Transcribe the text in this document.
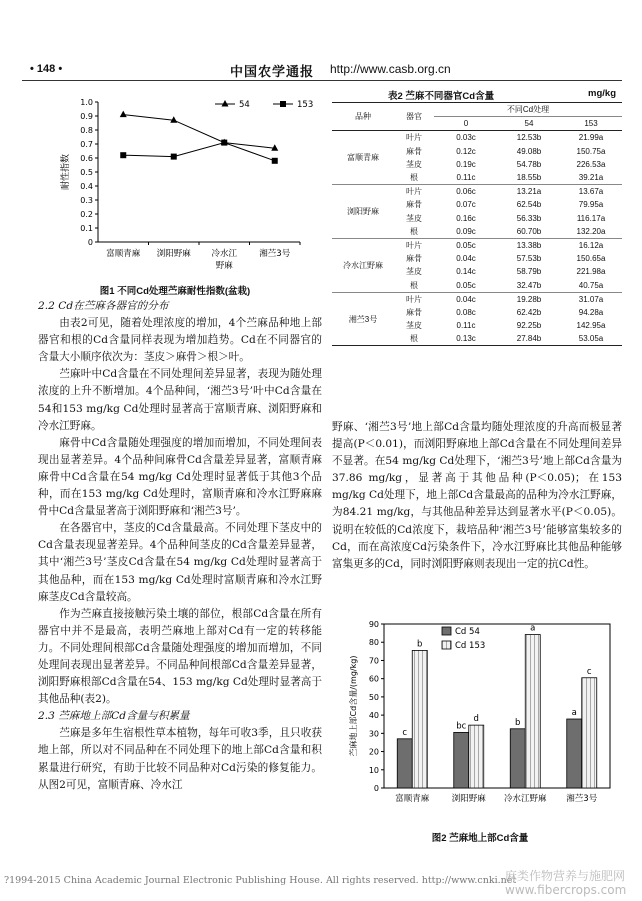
• 148 •	中国农学通报 http://www.casb.org.cn
0
0.1
0.2
0.3
0.4
0.5
0.6
0.7
0.8
0.9
1.0
富顺青麻 浏阳野麻 冷水江
野麻
湘苎3号
耐性指数
54	153
图1 不同Cd处理苎麻耐性指数(盆栽)

2.2 Cd在苎麻各器官的分布

由表2可见，随着处理浓度的增加，4个苎麻品种地上部器官和根的Cd含量同样表现为增加趋势。Cd在不同器官的含量大小顺序依次为：茎皮＞麻骨＞根＞叶。

苎麻叶中Cd含量在不同处理间差异显著，表现为随处理浓度的上升不断增加。4个品种间，‘湘苎3号’叶中Cd含量在54和153 mg/kg Cd处理时显著高于富顺青麻、浏阳野麻和冷水江野麻。

麻骨中Cd含量随处理强度的增加而增加，不同处理间表现出显著差异。4个品种间麻骨Cd含量差异显著，富顺青麻麻骨中Cd含量在54 mg/kg Cd处理时显著低于其他3个品种，而在153 mg/kg Cd处理时，富顺青麻和冷水江野麻麻骨中Cd含量显著高于浏阳野麻和‘湘苎3号’。

在各器官中，茎皮的Cd含量最高。不同处理下茎皮中的Cd含量表现显著差异。4个品种间茎皮的Cd含量差异显著，其中‘湘苎3号’茎皮Cd含量在54 mg/kg Cd处理时显著高于其他品种，而在153 mg/kg Cd处理时富顺青麻和冷水江野麻茎皮Cd含量较高。

作为苎麻直接接触污染土壤的部位，根部Cd含量在所有器官中并不是最高，表明苎麻地上部对Cd有一定的转移能力。不同处理间根部Cd含量随处理强度的增加而增加，不同处理间表现出显著差异。不同品种间根部Cd含量差异显著，浏阳野麻根部Cd含量在54、153 mg/kg Cd处理时显著高于其他品种(表2)。

2.3 苎麻地上部Cd含量与积累量

苎麻是多年生宿根性草本植物，每年可收3季，且只收获地上部，所以对不同品种在不同处理下的地上部Cd含量和积累量进行研究，有助于比较不同品种对Cd污染的修复能力。从图2可见，富顺青麻、冷水江

表2 苎麻不同器官Cd含量	mg/kg
品种	器官	不同Cd处理		
		0	54	153
富顺青麻	叶片	0.03c	12.53b	21.99a
	麻骨	0.12c	49.08b	150.75a
	茎皮	0.19c	54.78b	226.53a
	根	0.11c	18.55b	39.21a
浏阳野麻	叶片	0.06c	13.21a	13.67a
	麻骨	0.07c	62.54b	79.95a
	茎皮	0.16c	56.33b	116.17a
	根	0.09c	60.70b	132.20a
冷水江野麻	叶片	0.05c	13.38b	16.12a
	麻骨	0.04c	57.53b	150.65a
	茎皮	0.14c	58.79b	221.98a
	根	0.05c	32.47b	40.75a
湘苎3号	叶片	0.04c	19.28b	31.07a
	麻骨	0.08c	62.42b	94.28a
	茎皮	0.11c	92.25b	142.95a
	根	0.13c	27.84b	53.05a

野麻、‘湘苎3号’地上部Cd含量均随处理浓度的升高而极显著提高(P＜0.01)，而浏阳野麻地上部Cd含量在不同处理间差异不显著。在54 mg/kg Cd处理下，‘湘苎3号’地上部Cd含量为37.86 mg/kg，显著高于其他品种(P＜0.05)；在153 mg/kg Cd处理下，地上部Cd含量最高的品种为冷水江野麻，为84.21 mg/kg，与其他品种差异达到显著水平(P＜0.05)。说明在较低的Cd浓度下，栽培品种‘湘苎3号’能够富集较多的Cd，而在高浓度Cd污染条件下，冷水江野麻比其他品种能够富集更多的Cd，同时浏阳野麻则表现出一定的抗Cd性。

0
10
20
30
40
50
60
70
80
90
苎麻地上部Cd含量/(mg/kg)	c
b
富顺青麻
bc
d
浏阳野麻
b
a
冷水江野麻
a
c
湘苎3号
Cd 54
Cd 153
图2 苎麻地上部Cd含量
?1994-2015 China Academic Journal Electronic Publishing House. All rights reserved. http://www.cnki.net
麻类作物营养与施肥网
www.fibercrops.com
